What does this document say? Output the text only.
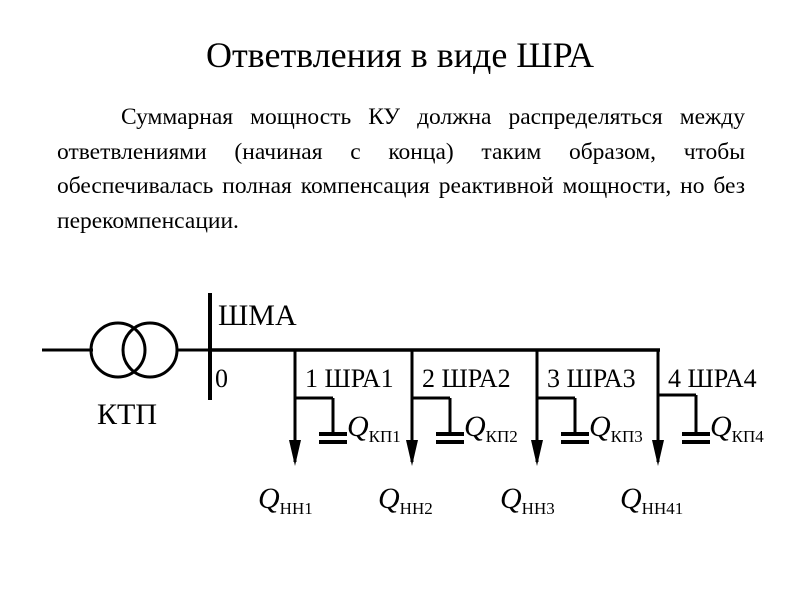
Ответвления в виде ШРА

Суммарная мощность КУ должна распределяться между ответвлениями (начиная с конца) таким образом, чтобы обеспечивалась полная компенсация реактивной мощности, но без перекомпенсации.

1 ШРА1
$Q_{КП1}$
$Q_{НН1}$
2 ШРА2
$Q_{КП2}$
$Q_{НН2}$
3 ШРА3
$Q_{КП3}$
$Q_{НН3}$
4 ШРА4
$Q_{КП4}$
$Q_{НН41}$
ШМА
КТП
0
